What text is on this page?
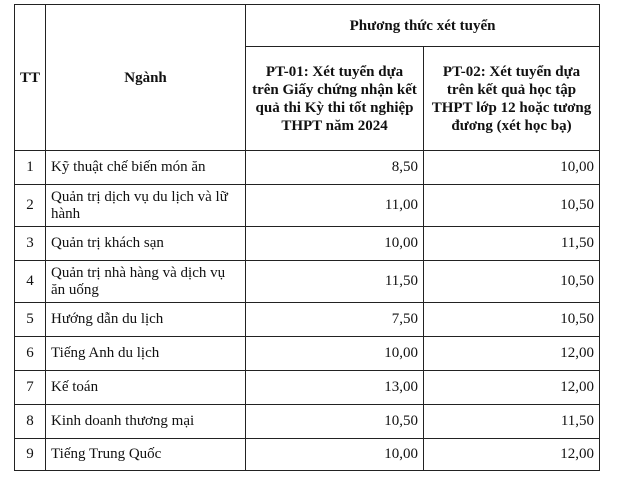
TT	Ngành	Phương thức xét tuyển	
		PT-01: Xét tuyển dựa trên Giấy chứng nhận kết quả thi Kỳ thi tốt nghiệp THPT năm 2024	PT-02: Xét tuyển dựa trên kết quả học tập THPT lớp 12 hoặc tương đương (xét học bạ)
1	Kỹ thuật chế biến món ăn	8,50	10,00
2	Quản trị dịch vụ du lịch và lữ hành	11,00	10,50
3	Quản trị khách sạn	10,00	11,50
4	Quản trị nhà hàng và dịch vụ ăn uống	11,50	10,50
5	Hướng dẫn du lịch	7,50	10,50
6	Tiếng Anh du lịch	10,00	12,00
7	Kế toán	13,00	12,00
8	Kinh doanh thương mại	10,50	11,50
9	Tiếng Trung Quốc	10,00	12,00
